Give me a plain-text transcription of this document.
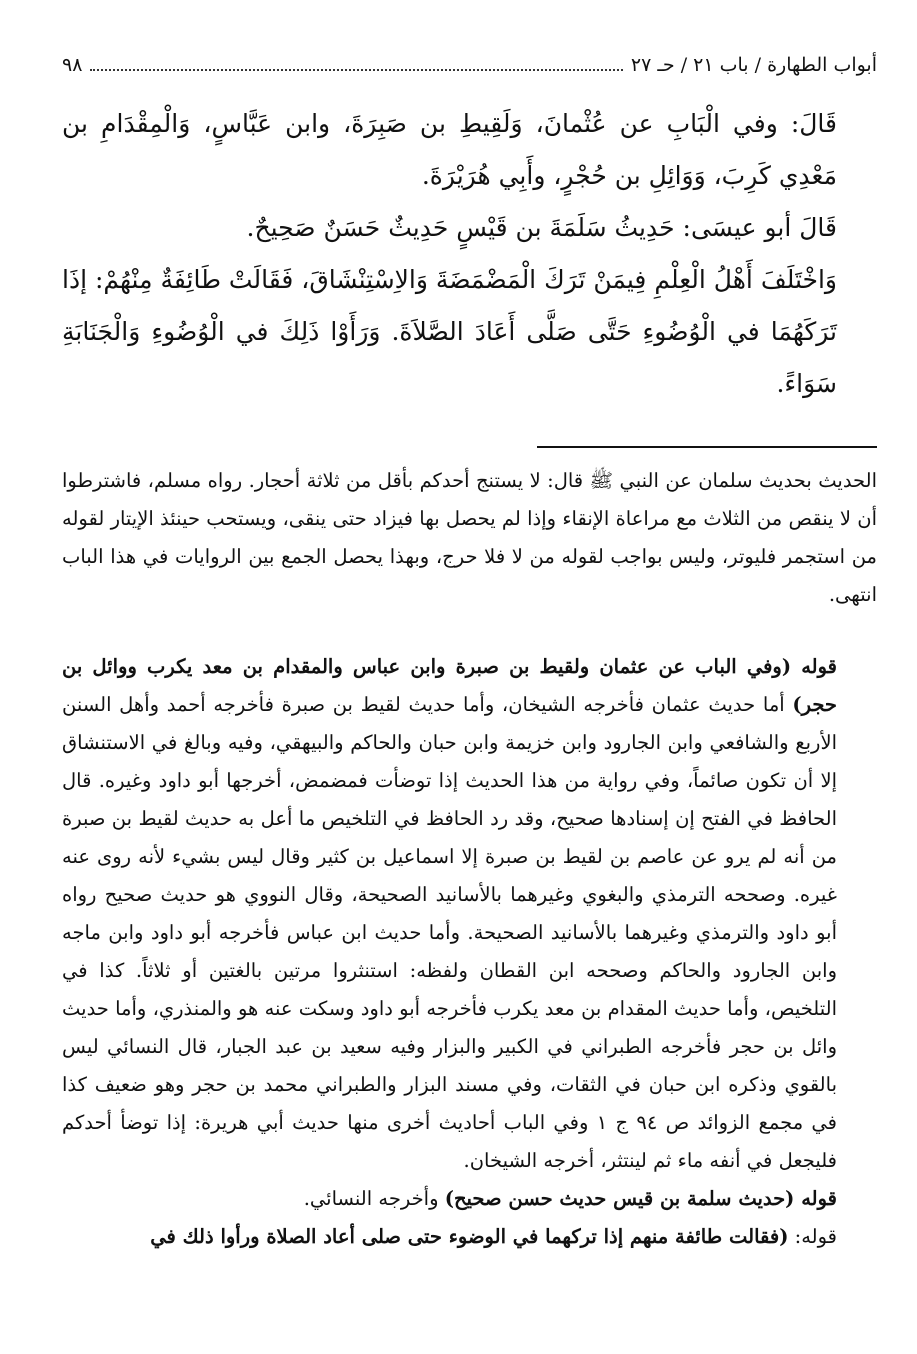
أبواب الطهارة / باب ٢١ / حـ ٢٧
٩٨

قَالَ: وفي الْبَابِ عن عُثْمانَ، وَلَقِيطِ بن صَبِرَةَ، وابن عَبَّاسٍ، وَالْمِقْدَامِ بن مَعْدِي كَرِبَ، وَوَائِلِ بن حُجْرٍ، وأَبِي هُرَيْرَةَ.

قَالَ أبو عيسَى: حَدِيثُ سَلَمَةَ بن قَيْسٍ حَدِيثٌ حَسَنٌ صَحِيحٌ.

وَاخْتَلَفَ أَهْلُ الْعِلْمِ فِيمَنْ تَرَكَ الْمَضْمَضَةَ وَالاِسْتِنْشَاقَ، فَقَالَتْ طَائِفَةٌ مِنْهُمْ: إذَا تَرَكَهُمَا في الْوُضُوءِ حَتَّى صَلَّى أَعَادَ الصَّلاَةَ. وَرَأَوْا ذَلِكَ في الْوُضُوءِ وَالْجَنَابَةِ سَوَاءً.

الحديث بحديث سلمان عن النبي ﷺ قال: لا يستنج أحدكم بأقل من ثلاثة أحجار. رواه مسلم، فاشترطوا أن لا ينقص من الثلاث مع مراعاة الإنقاء وإذا لم يحصل بها فيزاد حتى ينقى، ويستحب حينئذ الإيتار لقوله من استجمر فليوتر، وليس بواجب لقوله من لا فلا حرج، وبهذا يحصل الجمع بين الروايات في هذا الباب انتهى.

قوله (وفي الباب عن عثمان ولقيط بن صبرة وابن عباس والمقدام بن معد يكرب ووائل بن حجر) أما حديث عثمان فأخرجه الشيخان، وأما حديث لقيط بن صبرة فأخرجه أحمد وأهل السنن الأربع والشافعي وابن الجارود وابن خزيمة وابن حبان والحاكم والبيهقي، وفيه وبالغ في الاستنشاق إلا أن تكون صائماً، وفي رواية من هذا الحديث إذا توضأت فمضمض، أخرجها أبو داود وغيره. قال الحافظ في الفتح إن إسنادها صحيح، وقد رد الحافظ في التلخيص ما أعل به حديث لقيط بن صبرة من أنه لم يرو عن عاصم بن لقيط بن صبرة إلا اسماعيل بن كثير وقال ليس بشيء لأنه روى عنه غيره. وصححه الترمذي والبغوي وغيرهما بالأسانيد الصحيحة، وقال النووي هو حديث صحيح رواه أبو داود والترمذي وغيرهما بالأسانيد الصحيحة. وأما حديث ابن عباس فأخرجه أبو داود وابن ماجه وابن الجارود والحاكم وصححه ابن القطان ولفظه: استنثروا مرتين بالغتين أو ثلاثاً. كذا في التلخيص، وأما حديث المقدام بن معد يكرب فأخرجه أبو داود وسكت عنه هو والمنذري، وأما حديث وائل بن حجر فأخرجه الطبراني في الكبير والبزار وفيه سعيد بن عبد الجبار، قال النسائي ليس بالقوي وذكره ابن حبان في الثقات، وفي مسند البزار والطبراني محمد بن حجر وهو ضعيف كذا في مجمع الزوائد ص ٩٤ ج ١ وفي الباب أحاديث أخرى منها حديث أبي هريرة: إذا توضأ أحدكم فليجعل في أنفه ماء ثم لينتثر، أخرجه الشيخان.

قوله (حديث سلمة بن قيس حديث حسن صحيح) وأخرجه النسائي.

قوله: (فقالت طائفة منهم إذا تركهما في الوضوء حتى صلى أعاد الصلاة ورأوا ذلك في
